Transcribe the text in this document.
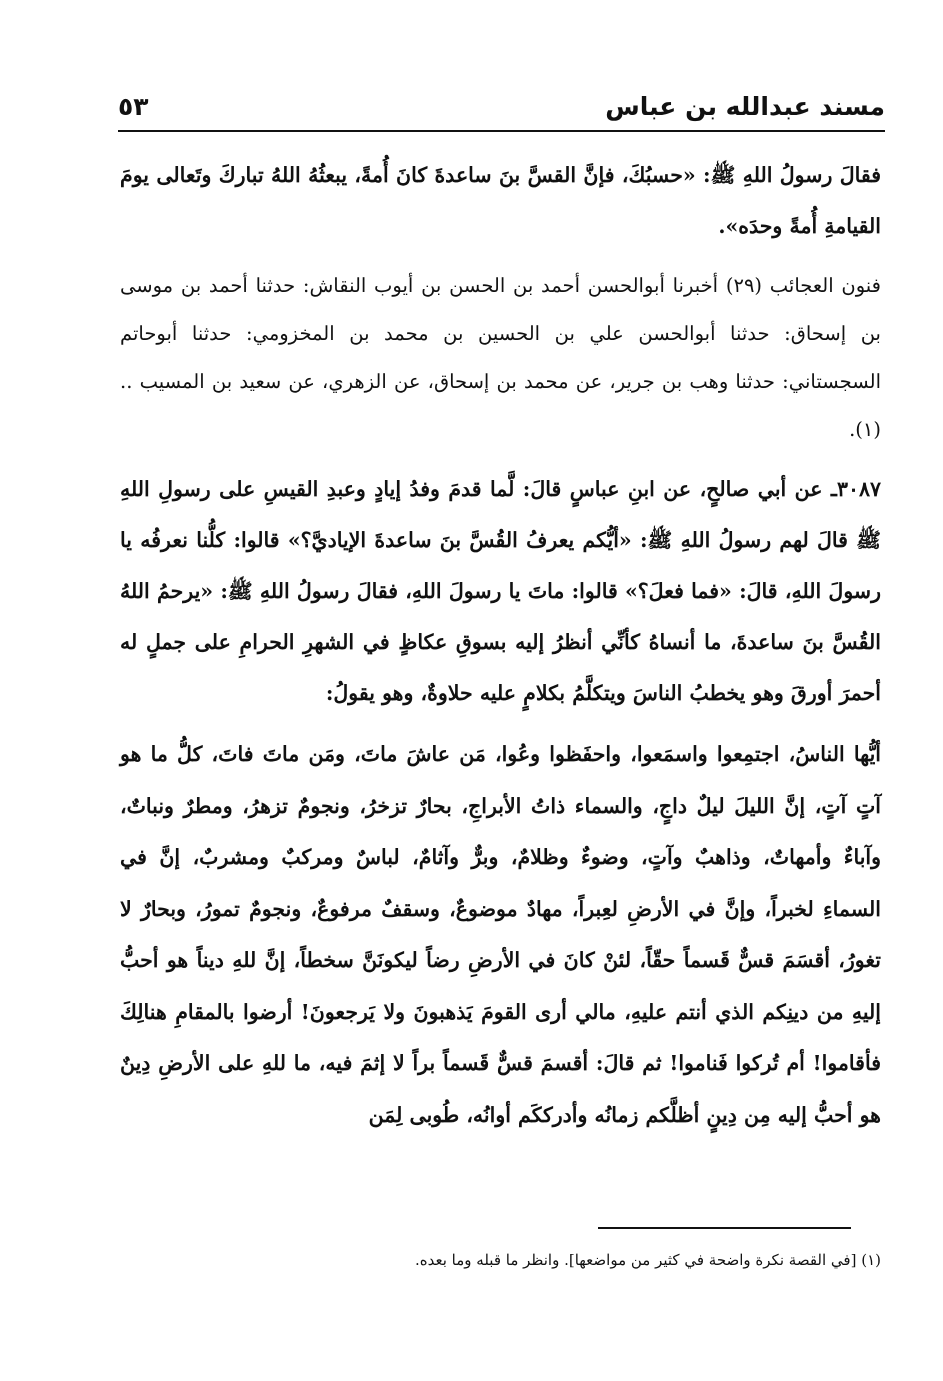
مسند عبدالله بن عباس
٥٣

فقالَ رسولُ اللهِ ﷺ: «حسبُكَ، فإنَّ القسَّ بنَ ساعدةَ كانَ أُمةً، يبعثُهُ اللهُ تباركَ وتَعالى يومَ القيامةِ أُمةً وحدَه».

فنون العجائب (٢٩) أخبرنا أبوالحسن أحمد بن الحسن بن أيوب النقاش: حدثنا أحمد بن موسى بن إسحاق: حدثنا أبوالحسن علي بن الحسين بن محمد بن المخزومي: حدثنا أبوحاتم السجستاني: حدثنا وهب بن جرير، عن محمد بن إسحاق، عن الزهري، عن سعيد بن المسيب .. (١).

٣٠٨٧ـ عن أبي صالحٍ، عن ابنِ عباسٍ قالَ: لَّما قدمَ وفدُ إيادٍ وعبدِ القيسِ على رسولِ اللهِ ﷺ قالَ لهم رسولُ اللهِ ﷺ: «أيُّكم يعرفُ القُسَّ بنَ ساعدةَ الإياديَّ؟» قالوا: كلُّنا نعرفُه يا رسولَ اللهِ، قالَ: «فما فعلَ؟» قالوا: ماتَ يا رسولَ اللهِ، فقالَ رسولُ اللهِ ﷺ: «يرحمُ اللهُ القُسَّ بنَ ساعدةَ، ما أنساهُ كأنِّي أنظرُ إليه بسوقِ عكاظٍ في الشهرِ الحرامِ على جملٍ له أحمرَ أورقَ وهو يخطبُ الناسَ ويتكلَّمُ بكلامٍ عليه حلاوةٌ، وهو يقولُ:

أيُّها الناسُ، اجتمِعوا واسمَعوا، واحفَظوا وعُوا، مَن عاشَ ماتَ، ومَن ماتَ فاتَ، كلُّ ما هو آتٍ آتٍ، إنَّ الليلَ ليلٌ داجٍ، والسماء ذاتُ الأبراجِ، بحارٌ تزخرُ، ونجومٌ تزهرُ، ومطرٌ ونباتٌ، وآباءٌ وأمهاتٌ، وذاهبٌ وآتٍ، وضوءٌ وظلامٌ، وبرٌّ وآثامٌ، لباسٌ ومركبٌ ومشربٌ، إنَّ في السماءِ لخبراً، وإنَّ في الأرضِ لعِبراً، مهادٌ موضوعٌ، وسقفٌ مرفوعٌ، ونجومٌ تمورُ، وبحارٌ لا تغورُ، أقسَمَ قسٌّ قَسماً حقّاً، لئنْ كانَ في الأرضِ رضاً ليكونَنَّ سخطاً، إنَّ للهِ ديناً هو أحبُّ إليهِ من دينِكم الذي أنتم عليهِ، مالي أرى القومَ يَذهبونَ ولا يَرجعونَ! أرضوا بالمقامِ هنالِكَ فأقاموا! أم تُركوا فَناموا! ثم قالَ: أقسمَ قسٌّ قَسماً براً لا إثمَ فيه، ما للهِ على الأرضِ دِينٌ هو أحبُّ إليه مِن دِينٍ أظلَّكم زمانُه وأدرككَم أوانُه، طُوبى لِمَن

(١) [في القصة نكرة واضحة في كثير من مواضعها]. وانظر ما قبله وما بعده.
